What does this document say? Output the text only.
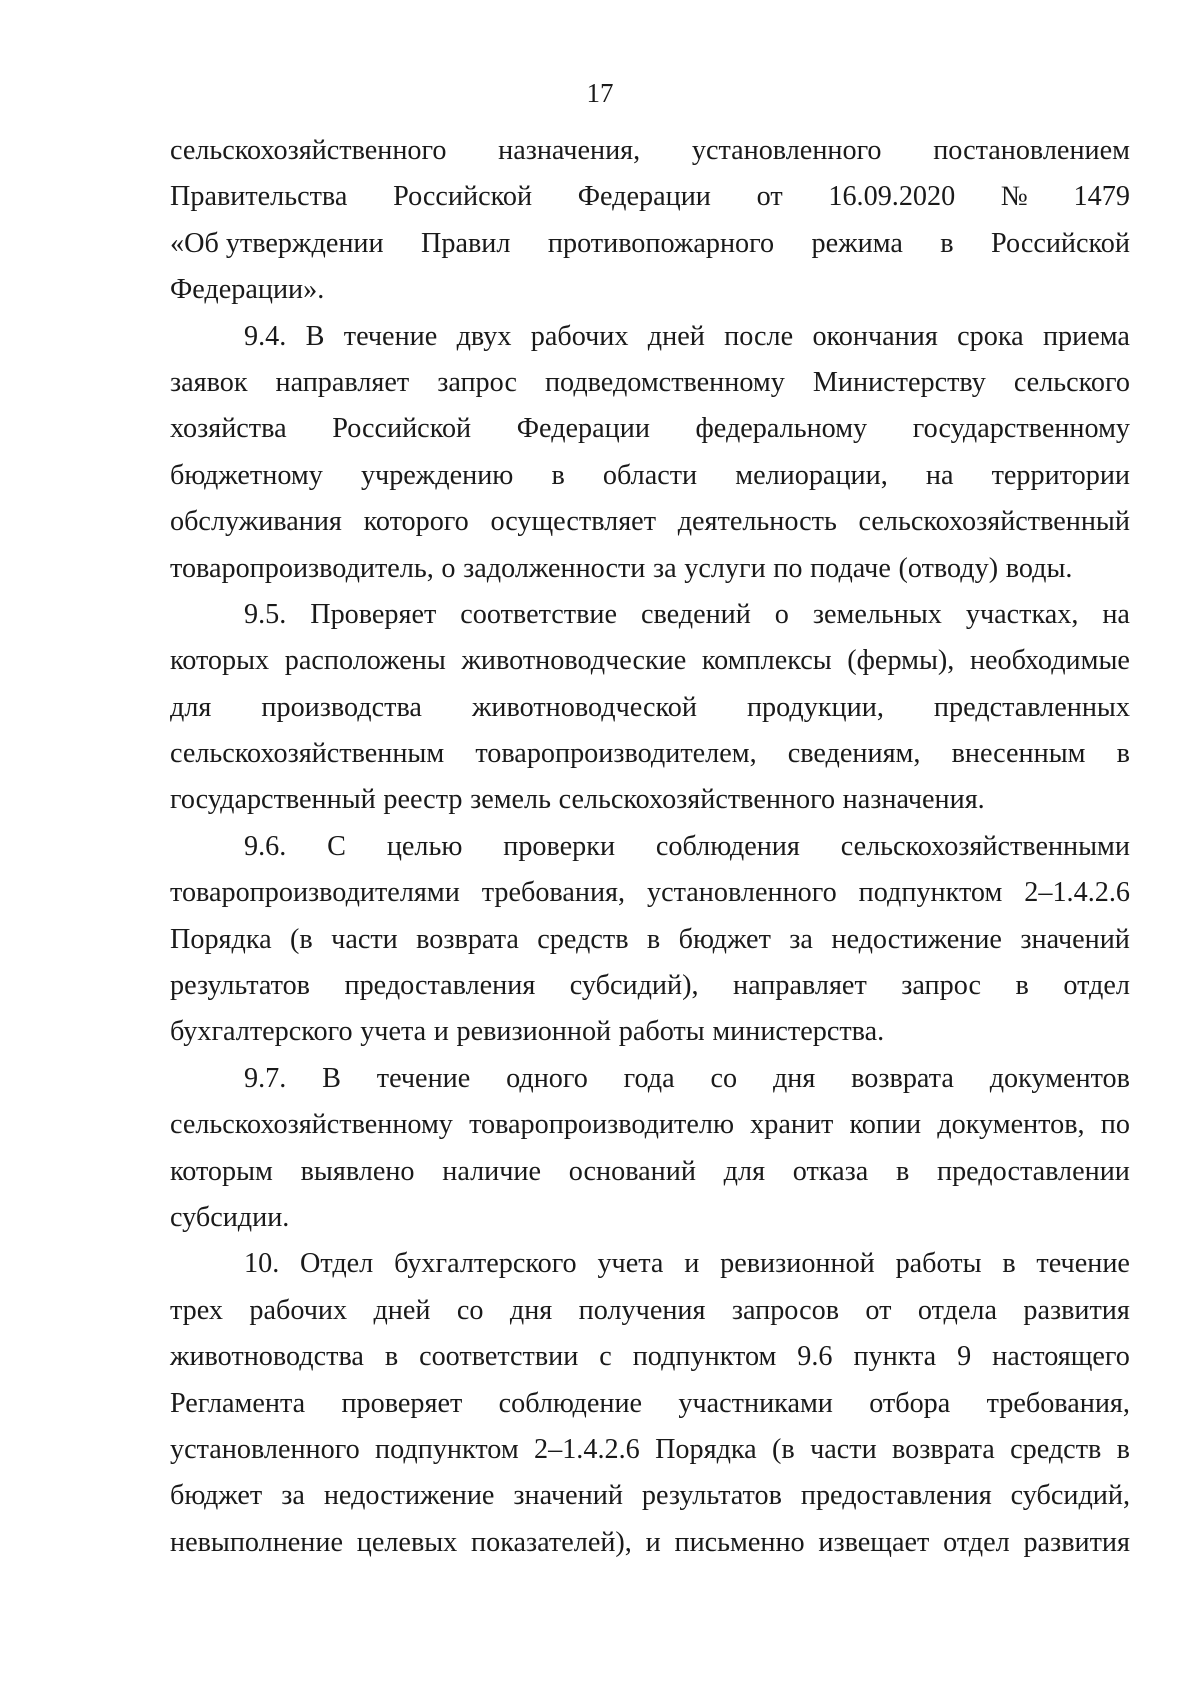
17
сельскохозяйственного назначения, установленного постановлением
Правительства Российской Федерации от 16.09.2020 № 1479
«Об утверждении Правил противопожарного режима в Российской
Федерации».
9.4. В течение двух рабочих дней после окончания срока приема
заявок направляет запрос подведомственному Министерству сельского
хозяйства Российской Федерации федеральному государственному
бюджетному учреждению в области мелиорации, на территории
обслуживания которого осуществляет деятельность сельскохозяйственный
товаропроизводитель, о задолженности за услуги по подаче (отводу) воды.
9.5. Проверяет соответствие сведений о земельных участках, на
которых расположены животноводческие комплексы (фермы), необходимые
для производства животноводческой продукции, представленных
сельскохозяйственным товаропроизводителем, сведениям, внесенным в
государственный реестр земель сельскохозяйственного назначения.
9.6. С целью проверки соблюдения сельскохозяйственными
товаропроизводителями требования, установленного подпунктом 2–1.4.2.6
Порядка (в части возврата средств в бюджет за недостижение значений
результатов предоставления субсидий), направляет запрос в отдел
бухгалтерского учета и ревизионной работы министерства.
9.7. В течение одного года со дня возврата документов
сельскохозяйственному товаропроизводителю хранит копии документов, по
которым выявлено наличие оснований для отказа в предоставлении
субсидии.
10. Отдел бухгалтерского учета и ревизионной работы в течение
трех рабочих дней со дня получения запросов от отдела развития
животноводства в соответствии с подпунктом 9.6 пункта 9 настоящего
Регламента проверяет соблюдение участниками отбора требования,
установленного подпунктом 2–1.4.2.6 Порядка (в части возврата средств в
бюджет за недостижение значений результатов предоставления субсидий,
невыполнение целевых показателей), и письменно извещает отдел развития
